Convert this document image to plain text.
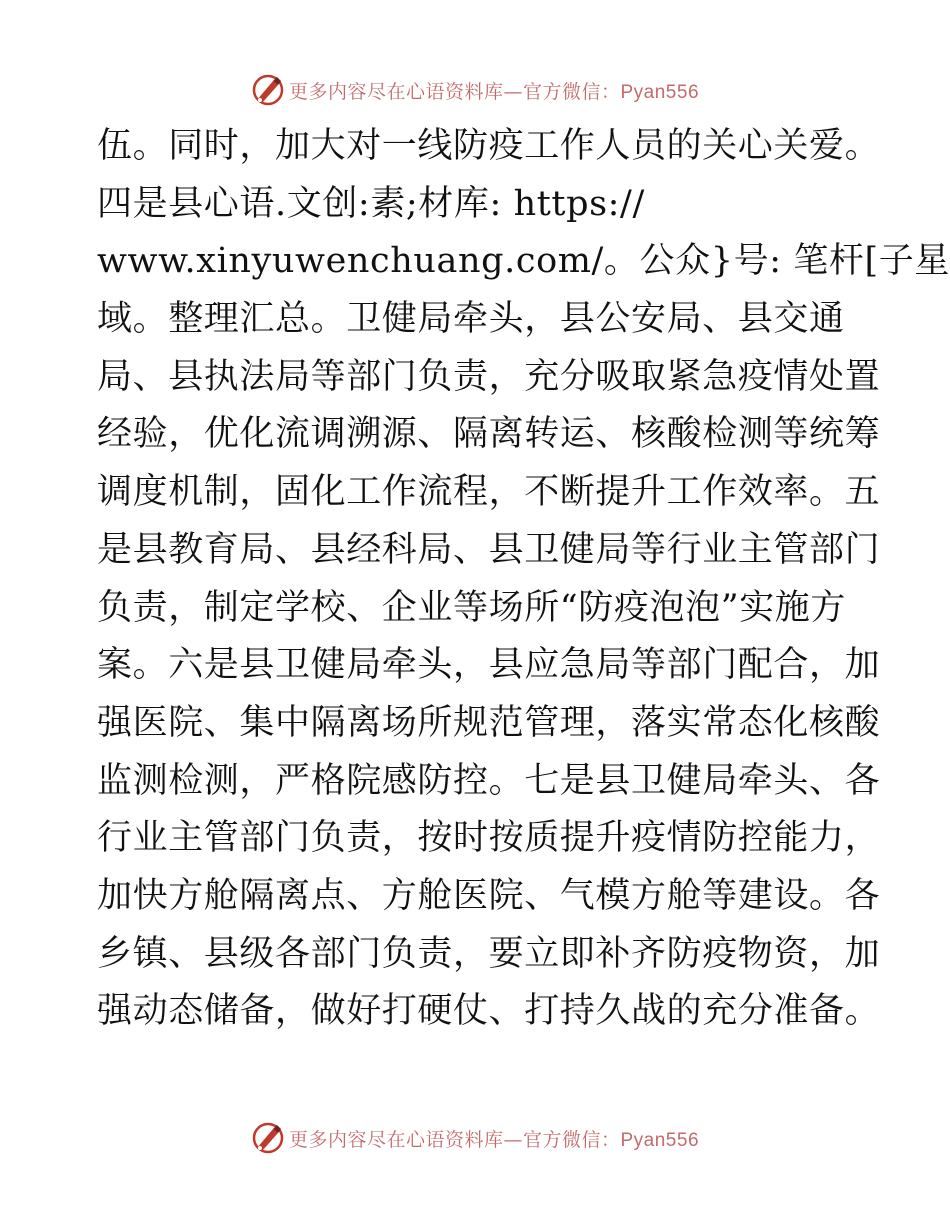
更多内容尽在心语资料库—官方微信：Pyan556
伍。同时，加大对一线防疫工作人员的关心关爱。
四是县心语.文创:素;材库: https://
www.xinyuwenchuang.com/。公众}号: 笔杆[子星
域。整理汇总。卫健局牵头，县公安局、县交通
局、县执法局等部门负责，充分吸取紧急疫情处置
经验，优化流调溯源、隔离转运、核酸检测等统筹
调度机制，固化工作流程，不断提升工作效率。五
是县教育局、县经科局、县卫健局等行业主管部门
负责，制定学校、企业等场所“防疫泡泡”实施方
案。六是县卫健局牵头，县应急局等部门配合，加
强医院、集中隔离场所规范管理，落实常态化核酸
监测检测，严格院感防控。七是县卫健局牵头、各
行业主管部门负责，按时按质提升疫情防控能力，
加快方舱隔离点、方舱医院、气模方舱等建设。各
乡镇、县级各部门负责，要立即补齐防疫物资，加
强动态储备，做好打硬仗、打持久战的充分准备。
更多内容尽在心语资料库—官方微信：Pyan556
